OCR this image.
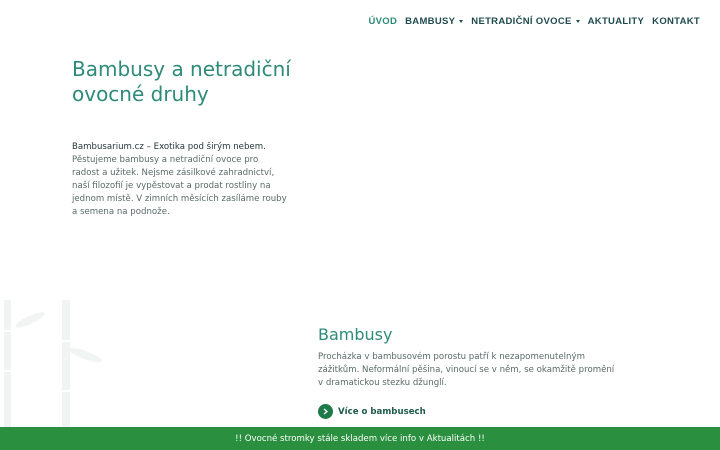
ÚVOD BAMBUSY NETRADIČNÍ OVOCE AKTUALITY KONTAKT
Bambusy a netradiční ovocné druhy
Bambusarium.cz – Exotika pod širým nebem. Pěstujeme bambusy a netradiční ovoce pro radost a užitek. Nejsme zásilkové zahradnictví, naší filozofií je vypěstovat a prodat rostliny na jednom místě. V zimních měsících zasíláme rouby a semena na podnože.
Bambusy

Procházka v bambusovém porostu patří k nezapomenutelným zážitkům. Neformální pěšina, vinoucí se v něm, se okamžitě promění v dramatickou stezku džunglí.

Více o bambusech
!! Ovocné stromky stále skladem více info v Aktualitách !!
